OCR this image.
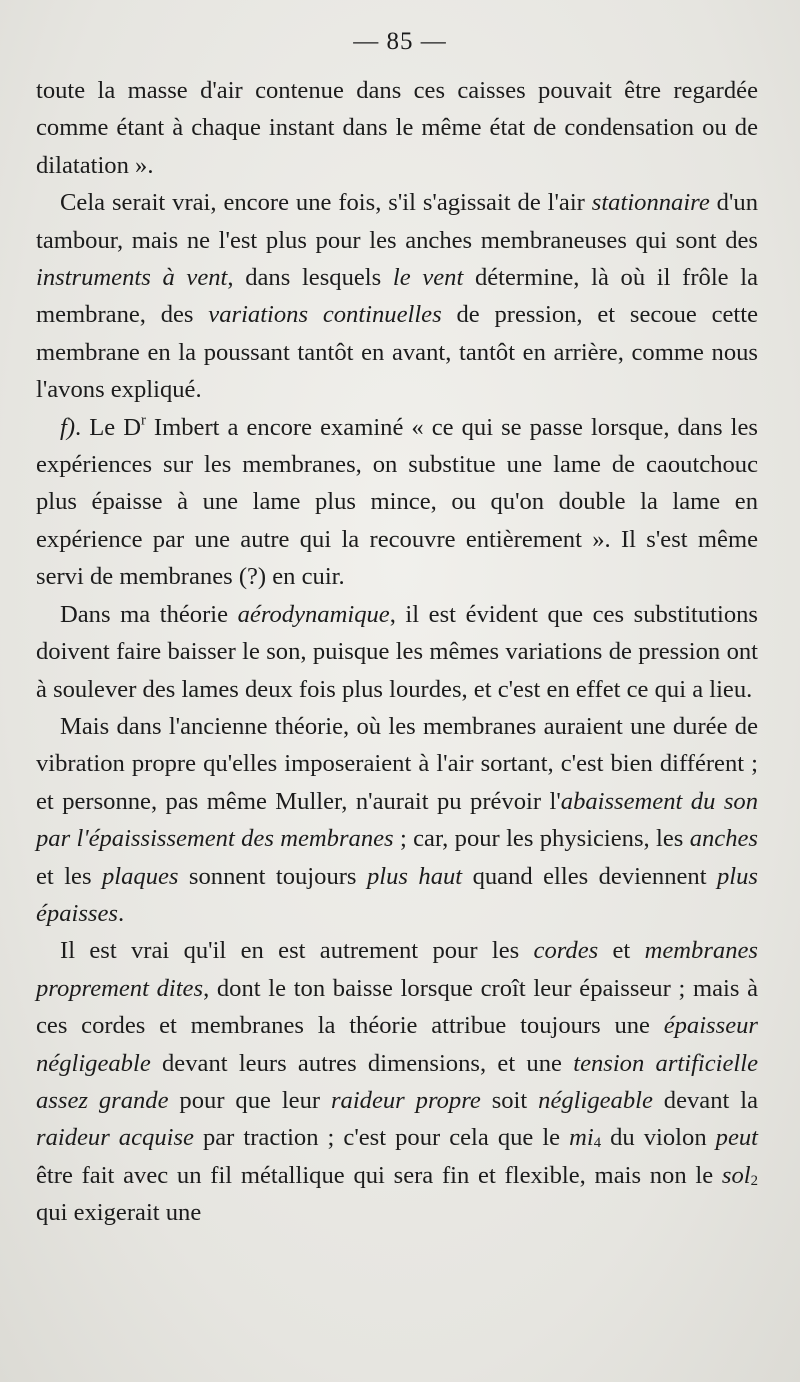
— 85 —

toute la masse d'air contenue dans ces caisses pouvait être regardée comme étant à chaque instant dans le même état de condensation ou de dilatation ».

Cela serait vrai, encore une fois, s'il s'agissait de l'air stationnaire d'un tambour, mais ne l'est plus pour les anches membraneuses qui sont des instruments à vent, dans lesquels le vent détermine, là où il frôle la membrane, des variations continuelles de pression, et secoue cette membrane en la poussant tantôt en avant, tantôt en arrière, comme nous l'avons expliqué.

f). Le $D^r$ Imbert a encore examiné « ce qui se passe lorsque, dans les expériences sur les membranes, on substitue une lame de caoutchouc plus épaisse à une lame plus mince, ou qu'on double la lame en expérience par une autre qui la recouvre entièrement ». Il s'est même servi de membranes (?) en cuir.

Dans ma théorie aérodynamique, il est évident que ces substitutions doivent faire baisser le son, puisque les mêmes variations de pression ont à soulever des lames deux fois plus lourdes, et c'est en effet ce qui a lieu.

Mais dans l'ancienne théorie, où les membranes auraient une durée de vibration propre qu'elles imposeraient à l'air sortant, c'est bien différent ; et personne, pas même Muller, n'aurait pu prévoir l'abaissement du son par l'épaississement des membranes ; car, pour les physiciens, les anches et les plaques sonnent toujours plus haut quand elles deviennent plus épaisses.

Il est vrai qu'il en est autrement pour les cordes et membranes proprement dites, dont le ton baisse lorsque croît leur épaisseur ; mais à ces cordes et membranes la théorie attribue toujours une épaisseur négligeable devant leurs autres dimensions, et une tension artificielle assez grande pour que leur raideur propre soit négligeable devant la raideur acquise par traction ; c'est pour cela que le $mi_4$ du violon peut être fait avec un fil métallique qui sera fin et flexible, mais non le sol$_2$ qui exigerait une
